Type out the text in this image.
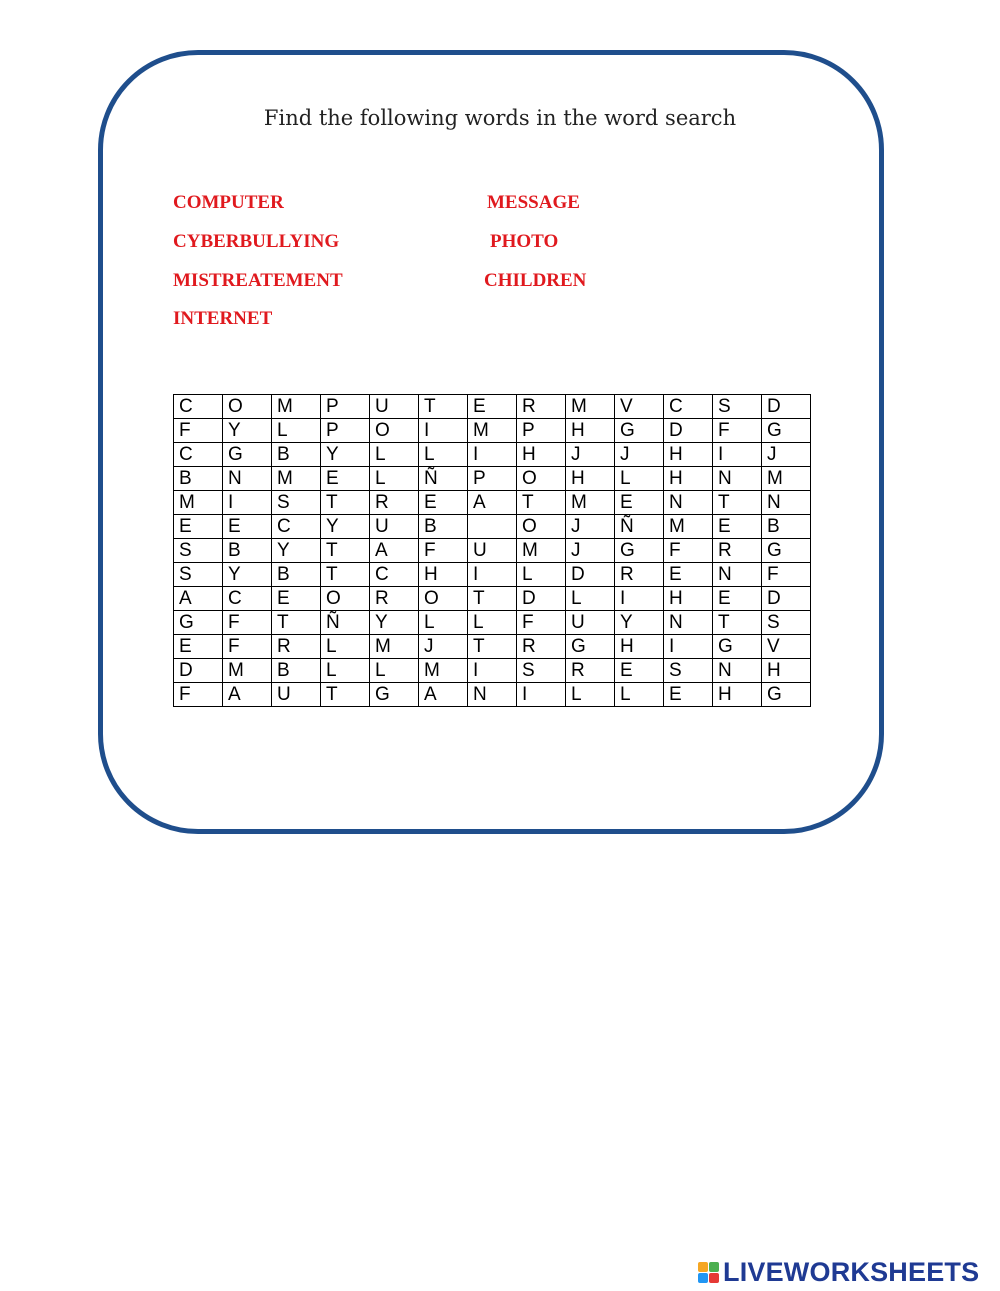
Find the following words in the word search
COMPUTER
CYBERBULLYING
MISTREATEMENT
INTERNET
MESSAGE
PHOTO
CHILDREN
C	O	M	P	U	T	E	R	M	V	C	S	D
F	Y	L	P	O	I	M	P	H	G	D	F	G
C	G	B	Y	L	L	I	H	J	J	H	I	J
B	N	M	E	L	Ñ	P	O	H	L	H	N	M
M	I	S	T	R	E	A	T	M	E	N	T	N
E	E	C	Y	U	B		O	J	Ñ	M	E	B
S	B	Y	T	A	F	U	M	J	G	F	R	G
S	Y	B	T	C	H	I	L	D	R	E	N	F
A	C	E	O	R	O	T	D	L	I	H	E	D
G	F	T	Ñ	Y	L	L	F	U	Y	N	T	S
E	F	R	L	M	J	T	R	G	H	I	G	V
D	M	B	L	L	M	I	S	R	E	S	N	H
F	A	U	T	G	A	N	I	L	L	E	H	G
LIVEWORKSHEETS
